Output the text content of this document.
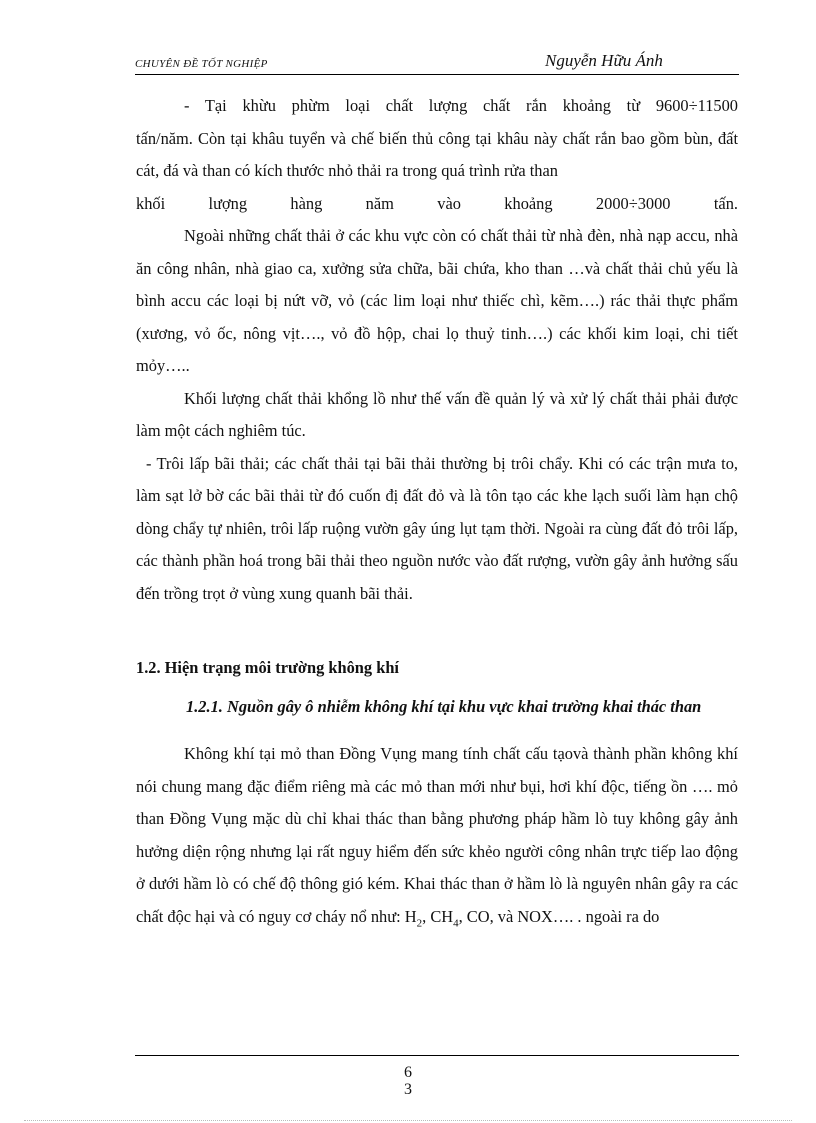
CHUYÊN ĐỀ TỐT NGHIỆP	Nguyễn Hữu Ánh

- Tại khừu phừm loại chất lượng chất rắn khoảng từ 9600÷11500

tấn/năm. Còn tại khâu tuyển và chế biến thủ công tại khâu này chất rắn bao gồm bùn, đất cát, đá và than có kích thước nhỏ thải ra trong quá trình rửa than

khối lượng hàng năm vào khoảng 2000÷3000 tấn.

Ngoài những chất thải ở các khu vực còn có chất thải từ nhà đèn, nhà nạp accu, nhà ăn công nhân, nhà giao ca, xưởng sửa chữa, bãi chứa, kho than …và chất thải chủ yếu là bình accu các loại bị nứt vỡ, vỏ (các lim loại như thiếc chì, kẽm….) rác thải thực phẩm (xương, vỏ ốc, nông vịt…., vỏ đồ hộp, chai lọ thuỷ tinh….) các khối kim loại, chi tiết mỏy…..

Khối lượng chất thải khổng lồ như thế vấn đề quản lý và xử lý chất thải phải được làm một cách nghiêm túc.

- Trôi lấp bãi thải; các chất thải tại bãi thải thường bị trôi chẩy. Khi có các trận mưa to, làm sạt lở bờ các bãi thải từ đó cuốn đị đất đỏ và là tôn tạo các khe lạch suối làm hạn chộ dòng chẩy tự nhiên, trôi lấp ruộng vườn gây úng lụt tạm thời. Ngoài ra cùng đất đỏ trôi lấp, các thành phần hoá trong bãi thải theo nguồn nước vào đất rượng, vườn gây ảnh hưởng sấu đến trồng trọt ở vùng xung quanh bãi thải.

1.2. Hiện trạng môi trường không khí
1.2.1. Nguồn gây ô nhiễm không khí tại khu vực khai trường khai thác than

Không khí tại mỏ than Đồng Vụng mang tính chất cấu tạovà thành phần không khí nói chung mang đặc điểm riêng mà các mỏ than mới như bụi, hơi khí độc, tiếng ồn …. mỏ than Đồng Vụng mặc dù chỉ khai thác than bằng phương pháp hầm lò tuy không gây ảnh hưởng diện rộng nhưng lại rất nguy hiểm đến sức khẻo người công nhân trực tiếp lao động ở dưới hầm lò có chế độ thông gió kém. Khai thác than ở hầm lò là nguyên nhân gây ra các chất độc hại và có nguy cơ cháy nổ như: $H_2$, $CH_4$, CO, và NOX…. . ngoài ra do

6

3
